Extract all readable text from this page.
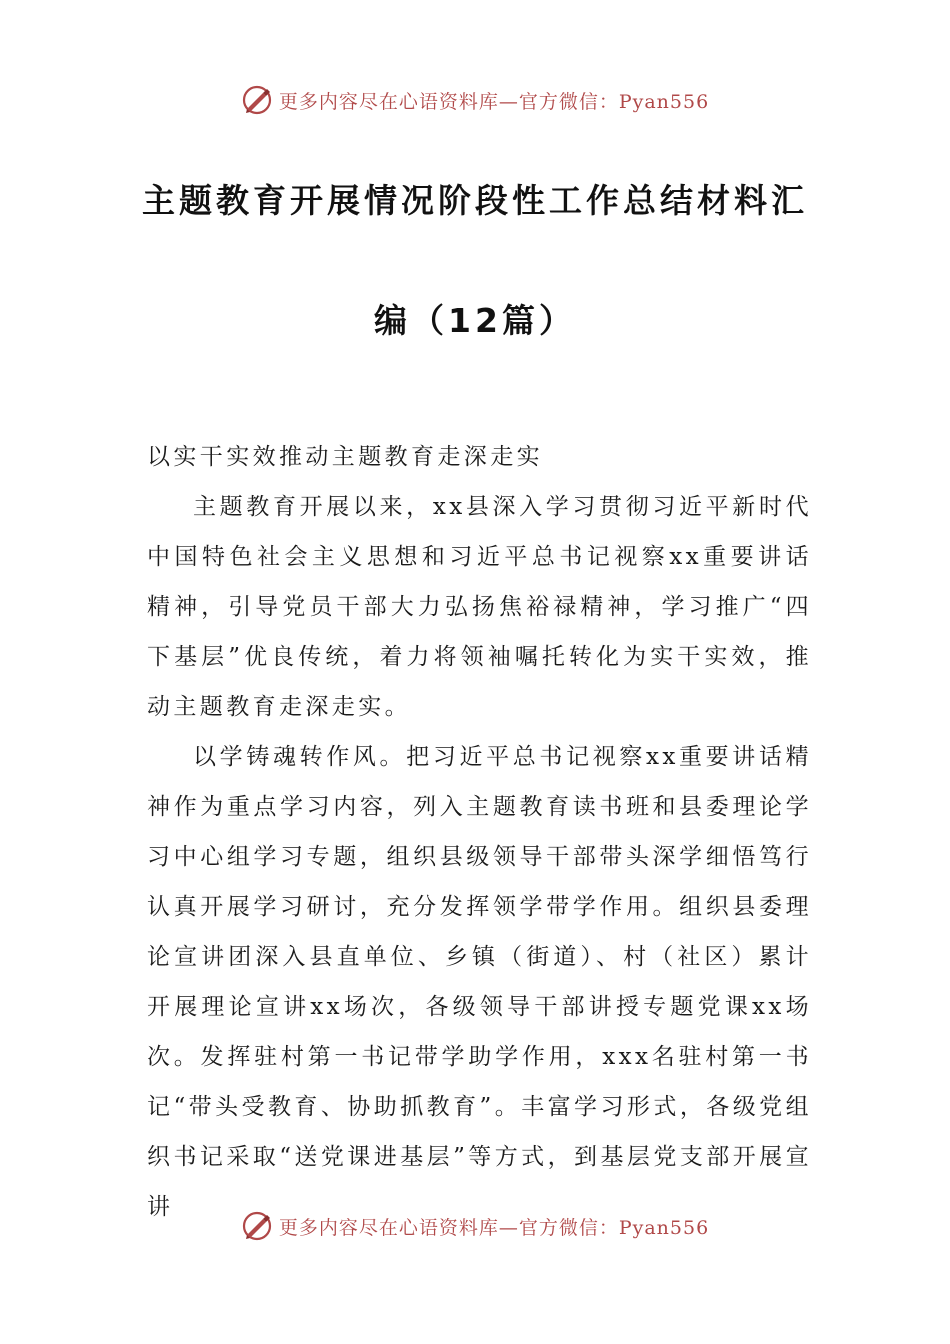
更多内容尽在心语资料库—官方微信：Pyan556
主题教育开展情况阶段性工作总结材料汇
编（12篇）

以实干实效推动主题教育走深走实

主题教育开展以来，xx县深入学习贯彻习近平新时代中国特色社会主义思想和习近平总书记视察xx重要讲话精神，引导党员干部大力弘扬焦裕禄精神，学习推广“四下基层”优良传统，着力将领袖嘱托转化为实干实效，推动主题教育走深走实。

以学铸魂转作风。把习近平总书记视察xx重要讲话精神作为重点学习内容，列入主题教育读书班和县委理论学习中心组学习专题，组织县级领导干部带头深学细悟笃行认真开展学习研讨，充分发挥领学带学作用。组织县委理论宣讲团深入县直单位、乡镇（街道）、村（社区）累计开展理论宣讲xx场次，各级领导干部讲授专题党课xx场次。发挥驻村第一书记带学助学作用，xxx名驻村第一书记“带头受教育、协助抓教育”。丰富学习形式，各级党组织书记采取“送党课进基层”等方式，到基层党支部开展宣讲

更多内容尽在心语资料库—官方微信：Pyan556
